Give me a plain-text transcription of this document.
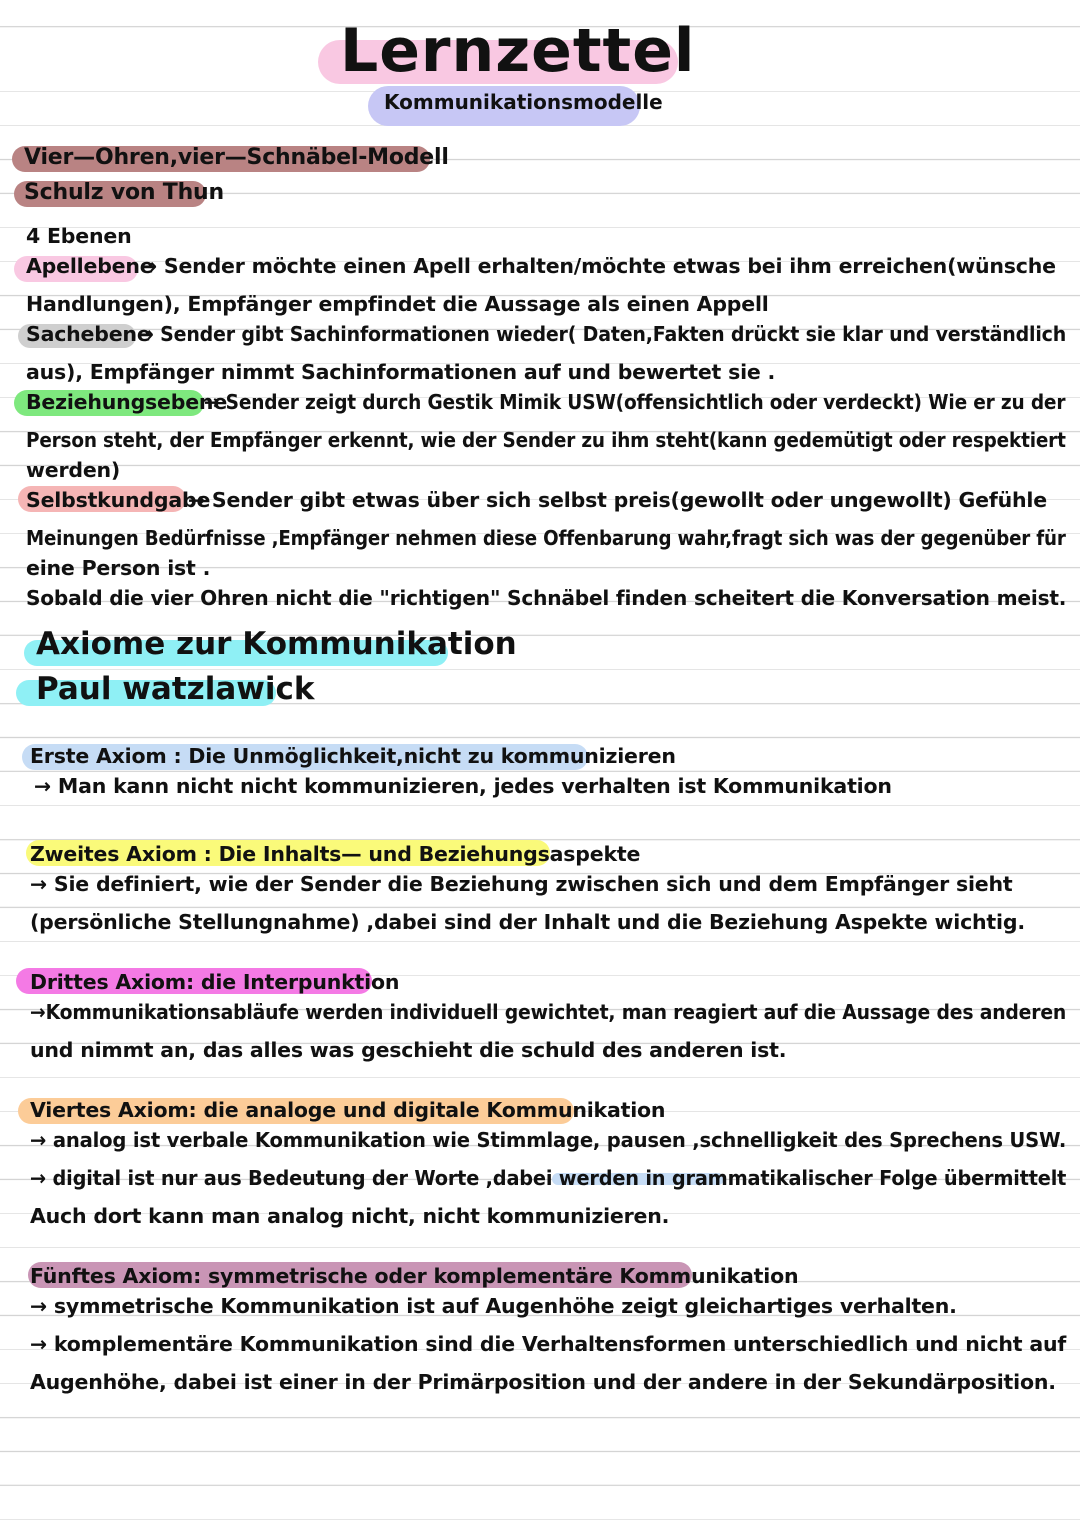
Lernzettel
Kommunikationsmodelle
Vier—Ohren,vier—Schnäbel-Modell
Schulz von Thun
4 Ebenen
Apellebene
→ Sender möchte einen Apell erhalten/möchte etwas bei ihm erreichen(wünsche
Handlungen), Empfänger empfindet die Aussage als einen Appell
Sachebene
→ Sender gibt Sachinformationen wieder( Daten,Fakten drückt sie klar und verständlich
aus), Empfänger nimmt Sachinformationen auf und bewertet sie .
Beziehungsebene
→ Sender zeigt durch Gestik Mimik USW(offensichtlich oder verdeckt) Wie er zu der
Person steht, der Empfänger erkennt, wie der Sender zu ihm steht(kann gedemütigt oder respektiert
werden)
Selbstkundgabe
→ Sender gibt etwas über sich selbst preis(gewollt oder ungewollt) Gefühle
Meinungen Bedürfnisse ,Empfänger nehmen diese Offenbarung wahr,fragt sich was der gegenüber für
eine Person ist .
Sobald die vier Ohren nicht die "richtigen" Schnäbel finden scheitert die Konversation meist.
Axiome zur Kommunikation
Paul watzlawick
Erste Axiom : Die Unmöglichkeit,nicht zu kommunizieren
→ Man kann nicht nicht kommunizieren, jedes verhalten ist Kommunikation
Zweites Axiom : Die Inhalts— und Beziehungsaspekte
→ Sie definiert, wie der Sender die Beziehung zwischen sich und dem Empfänger sieht
(persönliche Stellungnahme) ,dabei sind der Inhalt und die Beziehung Aspekte wichtig.
Drittes Axiom: die Interpunktion
→Kommunikationsabläufe werden individuell gewichtet, man reagiert auf die Aussage des anderen
und nimmt an, das alles was geschieht die schuld des anderen ist.
Viertes Axiom: die analoge und digitale Kommunikation
→ analog ist verbale Kommunikation wie Stimmlage, pausen ,schnelligkeit des Sprechens USW.
→ digital ist nur aus Bedeutung der Worte ,dabei werden in grammatikalischer Folge übermittelt
Auch dort kann man analog nicht, nicht kommunizieren.
Fünftes Axiom: symmetrische oder komplementäre Kommunikation
→ symmetrische Kommunikation ist auf Augenhöhe zeigt gleichartiges verhalten.
→ komplementäre Kommunikation sind die Verhaltensformen unterschiedlich und nicht auf
Augenhöhe, dabei ist einer in der Primärposition und der andere in der Sekundärposition.
